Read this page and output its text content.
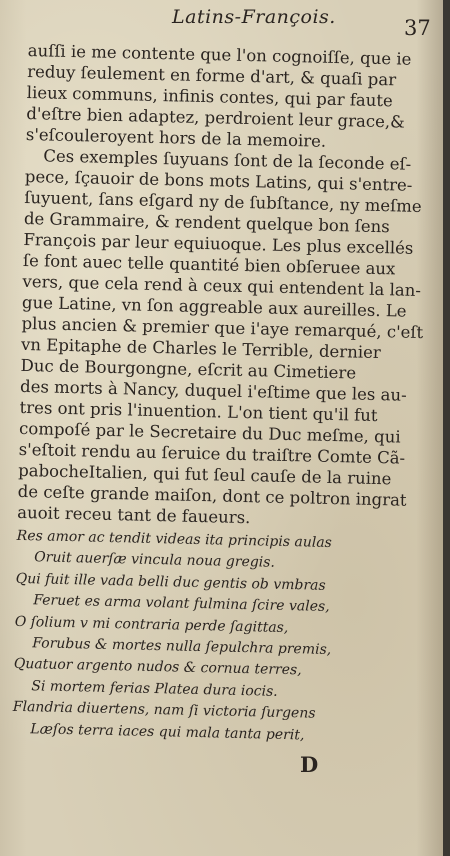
Latins-François.	37
auſſi ie me contente que l'on cognoiſſe, que ie
reduy ſeulement en forme d'art, & quaſi par
lieux communs, infinis contes, qui par faute
d'eſtre bien adaptez, perdroient leur grace,&
s'eſcouleroyent hors de la memoire.
Ces exemples ſuyuans ſont de la ſeconde eſ-
pece, ſçauoir de bons mots Latins, qui s'entre-
ſuyuent, ſans eſgard ny de ſubſtance, ny meſme
de Grammaire, & rendent quelque bon ſens
François par leur equiuoque. Les plus excellés
ſe font auec telle quantité bien obſeruee aux
vers, que cela rend à ceux qui entendent la lan-
gue Latine, vn ſon aggreable aux aureilles. Le
plus ancien & premier que i'aye remarqué, c'eſt
vn Epitaphe de Charles le Terrible, dernier
Duc de Bourgongne, eſcrit au Cimetiere
des morts à Nancy, duquel i'eſtime que les au-
tres ont pris l'inuention. L'on tient qu'il fut
compoſé par le Secretaire du Duc meſme, qui
s'eſtoit rendu au ſeruice du traiſtre Comte Cã-
pabocheItalien, qui fut ſeul cauſe de la ruine
de ceſte grande maiſon, dont ce poltron ingrat
auoit receu tant de faueurs.
Res amor ac tendit videas ita principis aulas
Oruit auerſæ vincula noua gregis.
Qui fuit ille vada belli duc gentis ob vmbras
Feruet es arma volant fulmina ſcire vales,
O ſolium v mi contraria perde ſagittas,
Forubus & mortes nulla ſepulchra premis,
Quatuor argento nudos & cornua terres,
Si mortem ferias Platea dura iocis.
Flandria diuertens, nam ſi victoria ſurgens
Læſos terra iaces qui mala tanta perit,
D
